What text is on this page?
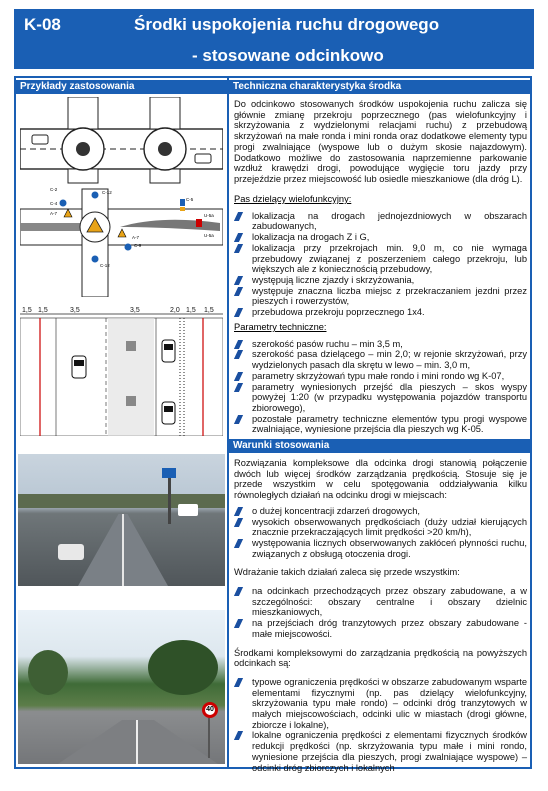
K-08	Środki uspokojenia ruchu drogowego
- stosowane odcinkowo
Przykłady zastosowania
C-2
C-4
A-7
C-12
C-9
A-7
C-12
C-5
U-5a
U-5a
1,5 1,5	3,5	3,5	2,0 1,5 1,5
40
Techniczna charakterystyka środka
Do odcinkowo stosowanych środków uspokojenia ruchu zalicza się głównie zmianę przekroju poprzecznego (pas wielofunkcyjny i skrzyżowania z wydzielonymi relacjami ruchu) z przebudową skrzyżowań na małe ronda i mini ronda oraz dodatkowe elementy typu progi zwalniające (wyspowe lub o dużym skosie najazdowym). Dodatkowo możliwe do zastosowania naprzemienne parkowanie wzdłuż krawędzi drogi, powodujące wygięcie toru jazdy przy przejeździe przez miejscowość lub osiedle mieszkaniowe (dla dróg L).
Pas dzielący wielofunkcyjny:
lokalizacja na drogach jednojezdniowych w obszarach zabudowanych,
lokalizacja na drogach Z i G,
lokalizacja przy przekrojach min. 9,0 m, co nie wymaga przebudowy związanej z poszerzeniem całego przekroju, lub większych ale z koniecznością przebudowy,
występują liczne zjazdy i skrzyżowania,
występuje znaczna liczba miejsc z przekraczaniem jezdni przez pieszych i rowerzystów,
przebudowa przekroju poprzecznego 1x4.
Parametry techniczne:
szerokość pasów ruchu – min 3,5 m,
szerokość pasa dzielącego – min 2,0; w rejonie skrzyżowań, przy wydzielonych pasach dla skrętu w lewo – min. 3,0 m,
parametry skrzyżowań typu małe rondo i mini rondo wg K-07,
parametry wyniesionych przejść dla pieszych – skos wyspy powyżej 1:20 (w przypadku występowania pojazdów transportu zbiorowego),
pozostałe parametry techniczne elementów typu progi wyspowe zwalniające, wyniesione przejścia dla pieszych wg K-05.
Warunki stosowania
Rozwiązania kompleksowe dla odcinka drogi stanowią połączenie dwóch lub więcej środków zarządzania prędkością. Stosuje się je przede wszystkim w celu spotęgowania oddziaływania kilku równoległych działań na odcinku drogi w miejscach:
o dużej koncentracji zdarzeń drogowych,
wysokich obserwowanych prędkościach (duży udział kierujących znacznie przekraczających limit prędkości >20 km/h),
występowania licznych obserwowanych zakłóceń płynności ruchu, związanych z obsługą otoczenia drogi.
Wdrażanie takich działań zaleca się przede wszystkim:
na odcinkach przechodzących przez obszary zabudowane, a w szczególności: obszary centralne i obszary dzielnic mieszkaniowych,
na przejściach dróg tranzytowych przez obszary zabudowane - małe miejscowości.
Środkami kompleksowymi do zarządzania prędkością na powyższych odcinkach są:
typowe ograniczenia prędkości w obszarze zabudowanym wsparte elementami fizycznymi (np. pas dzielący wielofunkcyjny, skrzyżowania typu małe rondo) – odcinki dróg tranzytowych w małych miejscowościach, odcinki ulic w miastach (drogi główne, zbiorcze i lokalne),
lokalne ograniczenia prędkości z elementami fizycznych środków redukcji prędkości (np. skrzyżowania typu małe i mini rondo, wyniesione przejścia dla pieszych, progi zwalniające wyspowe) – odcinki dróg zbiorczych i lokalnych
